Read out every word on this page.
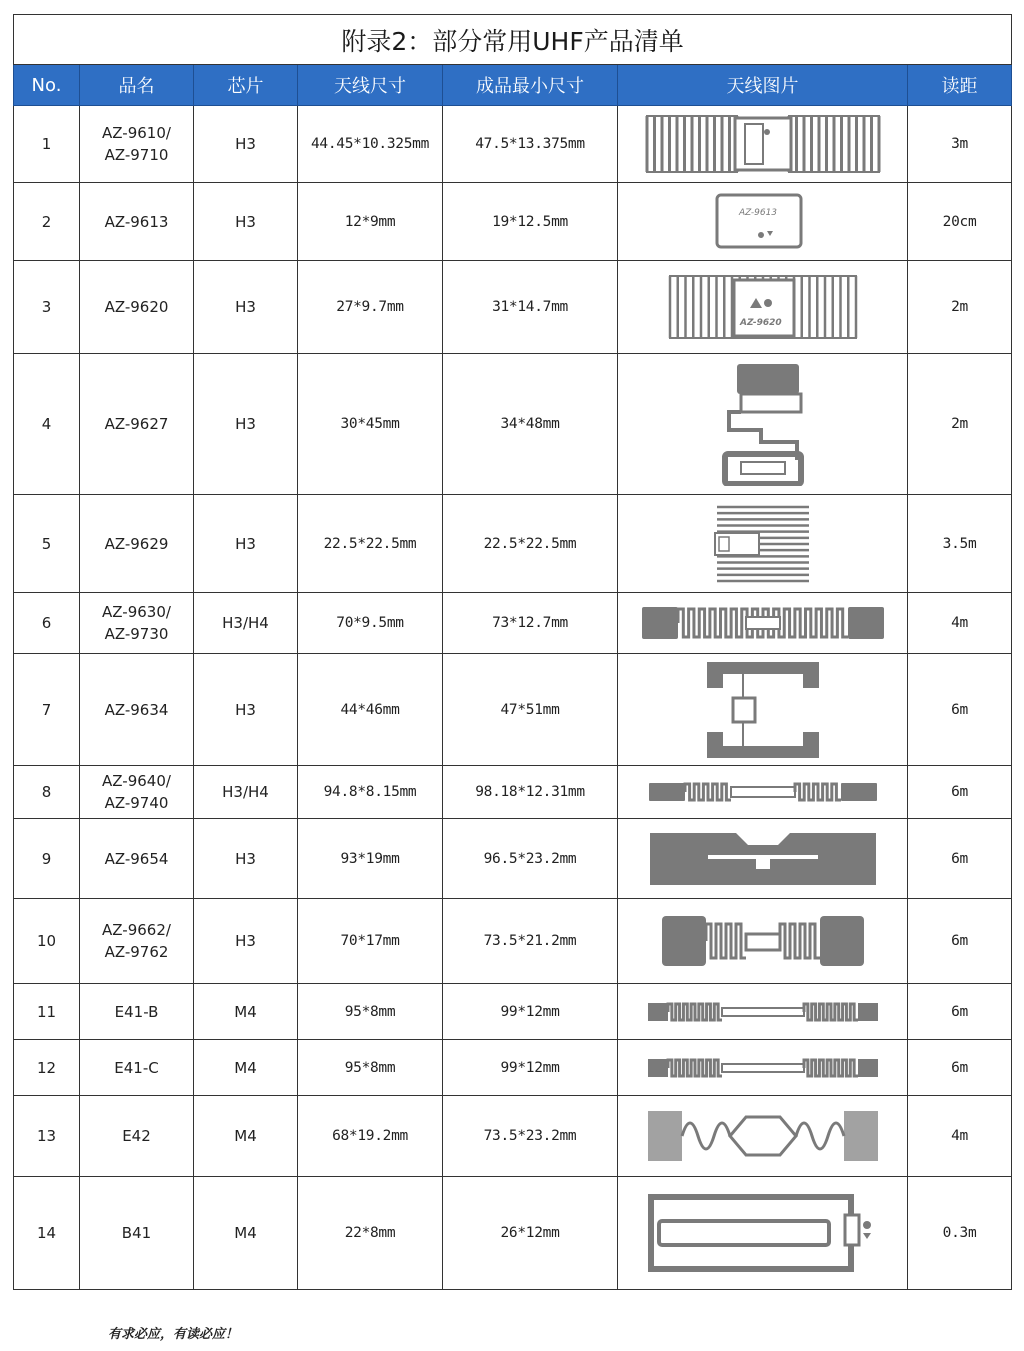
附录2：部分常用UHF产品清单						
No.	品名	芯片	天线尺寸	成品最小尺寸	天线图片	读距
1	AZ-9610/
AZ-9710	H3	44.45*10.325mm	47.5*13.375mm		3m
2	AZ-9613	H3	12*9mm	19*12.5mm	AZ-9613	20cm
3	AZ-9620	H3	27*9.7mm	31*14.7mm	AZ-9620	2m
4	AZ-9627	H3	30*45mm	34*48mm		2m
5	AZ-9629	H3	22.5*22.5mm	22.5*22.5mm		3.5m
6	AZ-9630/
AZ-9730	H3/H4	70*9.5mm	73*12.7mm		4m
7	AZ-9634	H3	44*46mm	47*51mm		6m
8	AZ-9640/
AZ-9740	H3/H4	94.8*8.15mm	98.18*12.31mm		6m
9	AZ-9654	H3	93*19mm	96.5*23.2mm		6m
10	AZ-9662/
AZ-9762	H3	70*17mm	73.5*21.2mm		6m
11	E41-B	M4	95*8mm	99*12mm		6m
12	E41-C	M4	95*8mm	99*12mm		6m
13	E42	M4	68*19.2mm	73.5*23.2mm		4m
14	B41	M4	22*8mm	26*12mm		0.3m
有求必应，有读必应！
